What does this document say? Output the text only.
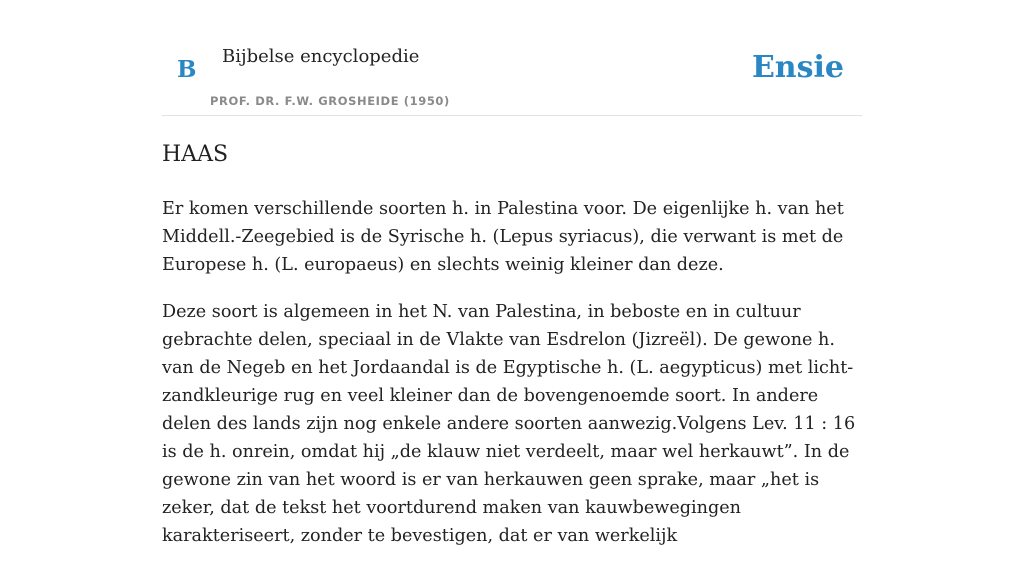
B Bijbelse encyclopedie
PROF. DR. F.W. GROSHEIDE (1950)
Ensie
HAAS

Er komen verschillende soorten h. in Palestina voor. De eigenlijke h. van het Middell.-Zeegebied is de Syrische h. (Lepus syriacus), die verwant is met de Europese h. (L. europaeus) en slechts weinig kleiner dan deze.

Deze soort is algemeen in het N. van Palestina, in beboste en in cultuur gebrachte delen, speciaal in de Vlakte van Esdrelon (Jizreël). De gewone h. van de Negeb en het Jordaandal is de Egyptische h. (L. aegypticus) met licht-zandkleurige rug en veel kleiner dan de bovengenoemde soort. In andere delen des lands zijn nog enkele andere soorten aanwezig.Volgens Lev. 11 : 16 is de h. onrein, omdat hij „de klauw niet verdeelt, maar wel herkauwt”. In de gewone zin van het woord is er van herkauwen geen sprake, maar „het is zeker, dat de tekst het voortdurend maken van kauwbewegingen karakteriseert, zonder te bevestigen, dat er van werkelijk
